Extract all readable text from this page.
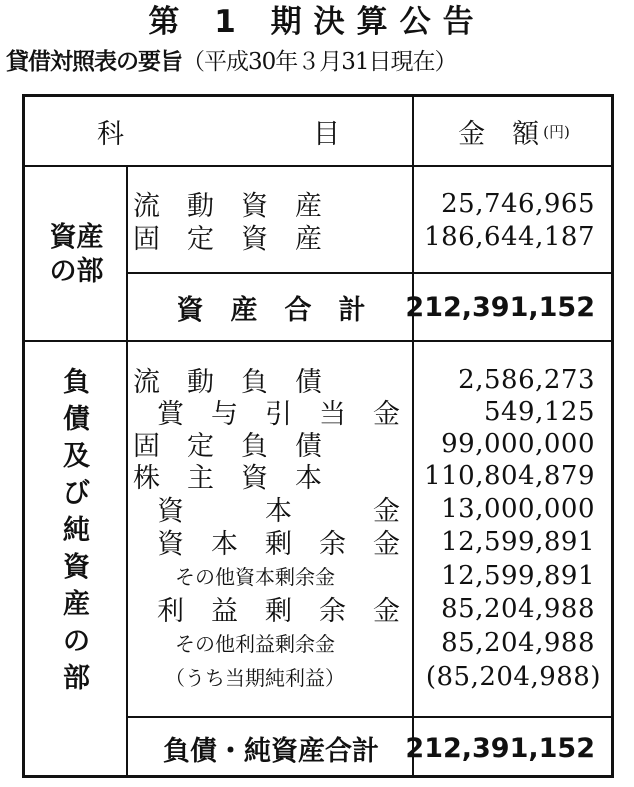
第 1 期決算公告
貸借対照表の要旨（平成30年３月31日現在）
科　　　　　　　目	金　額 (円)
資産の部
流　動　資　産	25,746,965
固　定　資　産	186,644,187
資　産　合　計	212,391,152
負債及び純資産の部
流　動　負　債	2,586,273
賞　与　引　当　金	549,125
固　定　負　債	99,000,000
株　主　資　本	110,804,879
資　　　本　　　金 13,000,000
資　本　剰　余　金 12,599,891
その他資本剰余金	12,599,891
利　益　剰　余　金 85,204,988
その他利益剰余金	85,204,988
（うち当期純利益）	(85,204,988)
負債・純資産合計 212,391,152
